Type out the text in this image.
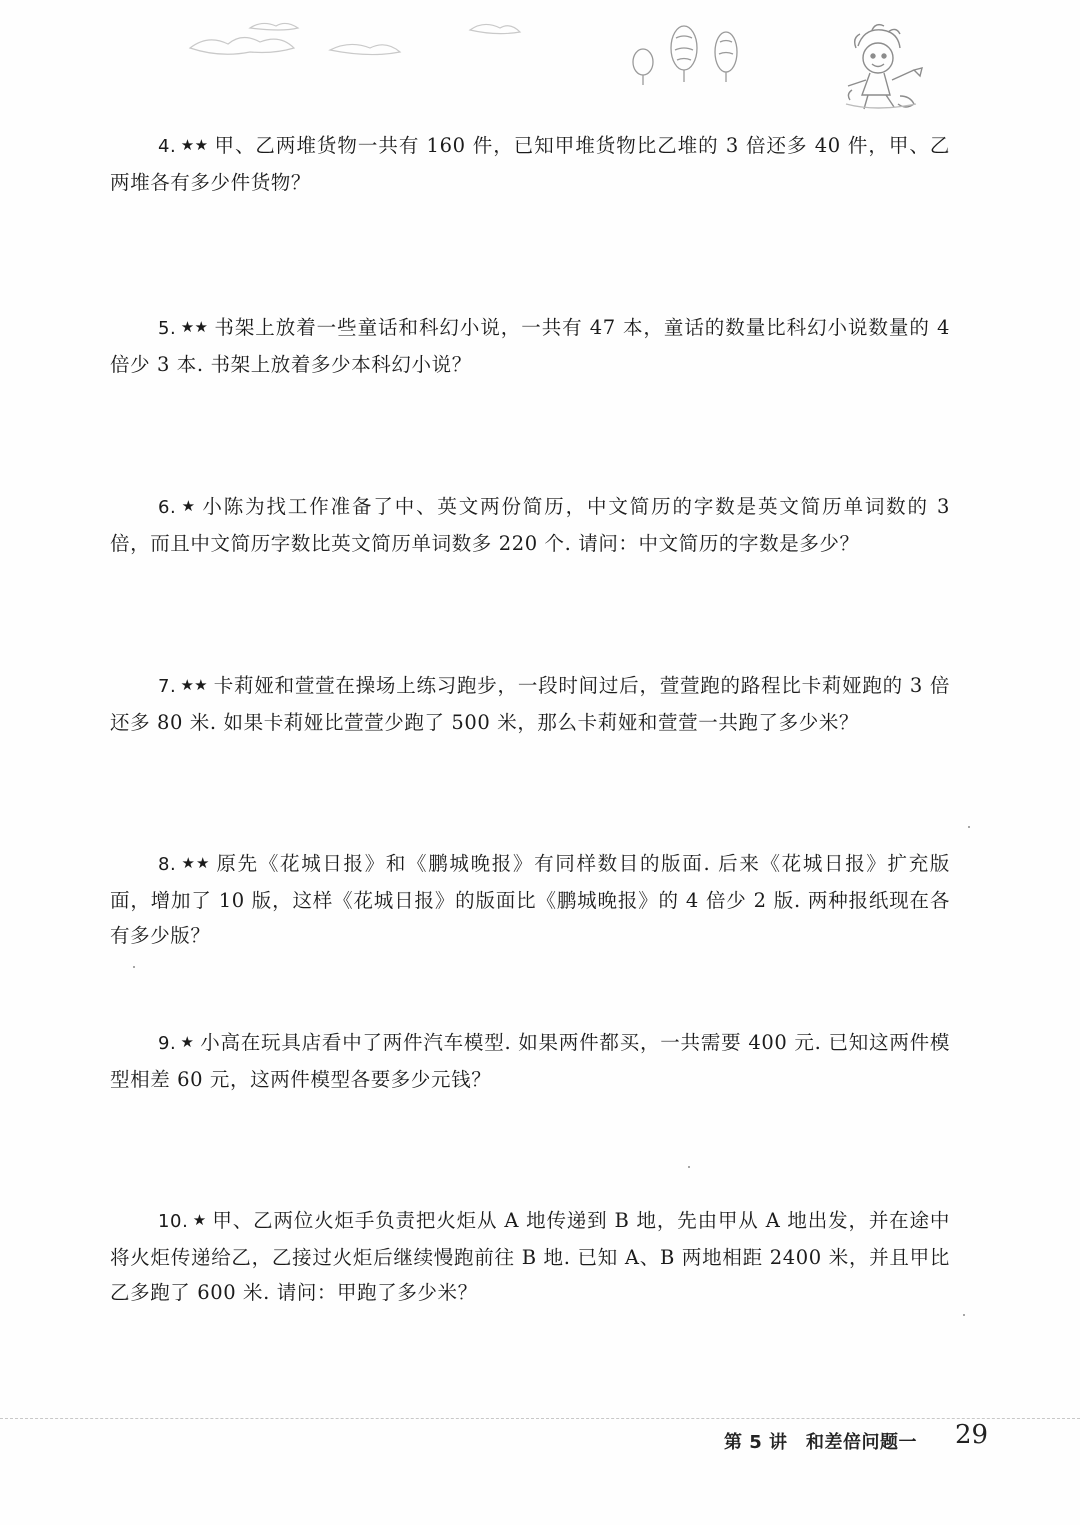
4. ★★ 甲、乙两堆货物一共有 160 件，已知甲堆货物比乙堆的 3 倍还多 40 件，甲、乙两堆各有多少件货物？

5. ★★ 书架上放着一些童话和科幻小说，一共有 47 本，童话的数量比科幻小说数量的 4 倍少 3 本. 书架上放着多少本科幻小说？

6. ★ 小陈为找工作准备了中、英文两份简历，中文简历的字数是英文简历单词数的 3 倍，而且中文简历字数比英文简历单词数多 220 个. 请问：中文简历的字数是多少？

7. ★★ 卡莉娅和萱萱在操场上练习跑步，一段时间过后，萱萱跑的路程比卡莉娅跑的 3 倍还多 80 米. 如果卡莉娅比萱萱少跑了 500 米，那么卡莉娅和萱萱一共跑了多少米？

8. ★★ 原先《花城日报》和《鹏城晚报》有同样数目的版面. 后来《花城日报》扩充版面，增加了 10 版，这样《花城日报》的版面比《鹏城晚报》的 4 倍少 2 版. 两种报纸现在各有多少版？

9. ★ 小高在玩具店看中了两件汽车模型. 如果两件都买，一共需要 400 元. 已知这两件模型相差 60 元，这两件模型各要多少元钱？

10. ★ 甲、乙两位火炬手负责把火炬从 A 地传递到 B 地，先由甲从 A 地出发，并在途中将火炬传递给乙，乙接过火炬后继续慢跑前往 B 地. 已知 A、B 两地相距 2400 米，并且甲比乙多跑了 600 米. 请问：甲跑了多少米？

第 5 讲　和差倍问题一 29
